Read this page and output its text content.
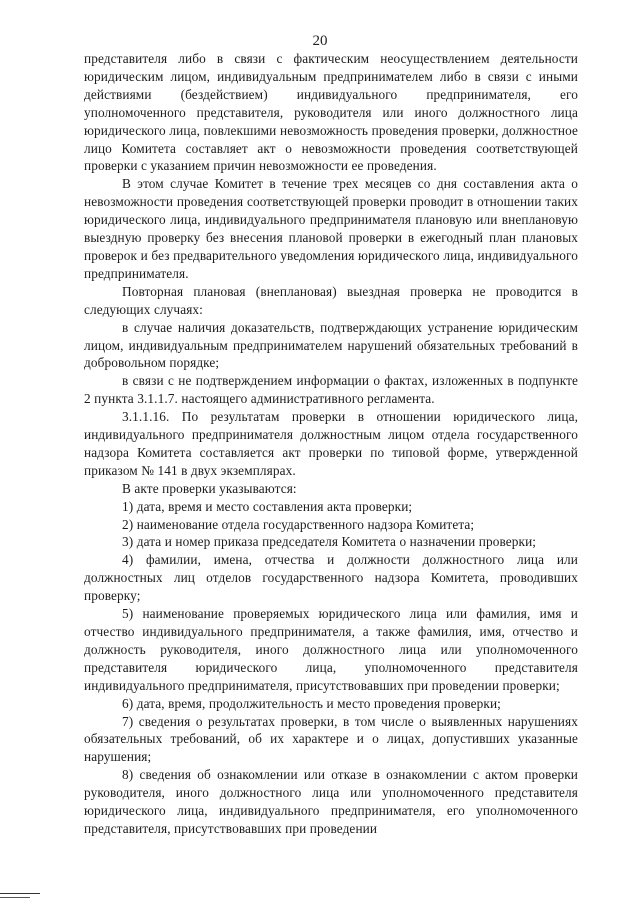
20

представителя либо в связи с фактическим неосуществлением деятельности юридическим лицом, индивидуальным предпринимателем либо в связи с иными действиями (бездействием) индивидуального предпринимателя, его уполномоченного представителя, руководителя или иного должностного лица юридического лица, повлекшими невозможность проведения проверки, должностное лицо Комитета составляет акт о невозможности проведения соответствующей проверки с указанием причин невозможности ее проведения.

В этом случае Комитет в течение трех месяцев со дня составления акта о невозможности проведения соответствующей проверки проводит в отношении таких юридического лица, индивидуального предпринимателя плановую или внеплановую выездную проверку без внесения плановой проверки в ежегодный план плановых проверок и без предварительного уведомления юридического лица, индивидуального предпринимателя.

Повторная плановая (внеплановая) выездная проверка не проводится в следующих случаях:

в случае наличия доказательств, подтверждающих устранение юридическим лицом, индивидуальным предпринимателем нарушений обязательных требований в добровольном порядке;

в связи с не подтверждением информации о фактах, изложенных в подпункте 2 пункта 3.1.1.7. настоящего административного регламента.

3.1.1.16. По результатам проверки в отношении юридического лица, индивидуального предпринимателя должностным лицом отдела государственного надзора Комитета составляется акт проверки по типовой форме, утвержденной приказом № 141 в двух экземплярах.

В акте проверки указываются:

1) дата, время и место составления акта проверки;

2) наименование отдела государственного надзора Комитета;

3) дата и номер приказа председателя Комитета о назначении проверки;

4) фамилии, имена, отчества и должности должностного лица или должностных лиц отделов государственного надзора Комитета, проводивших проверку;

5) наименование проверяемых юридического лица или фамилия, имя и отчество индивидуального предпринимателя, а также фамилия, имя, отчество и должность руководителя, иного должностного лица или уполномоченного представителя юридического лица, уполномоченного представителя индивидуального предпринимателя, присутствовавших при проведении проверки;

6) дата, время, продолжительность и место проведения проверки;

7) сведения о результатах проверки, в том числе о выявленных нарушениях обязательных требований, об их характере и о лицах, допустивших указанные нарушения;

8) сведения об ознакомлении или отказе в ознакомлении с актом проверки руководителя, иного должностного лица или уполномоченного представителя юридического лица, индивидуального предпринимателя, его уполномоченного представителя, присутствовавших при проведении
